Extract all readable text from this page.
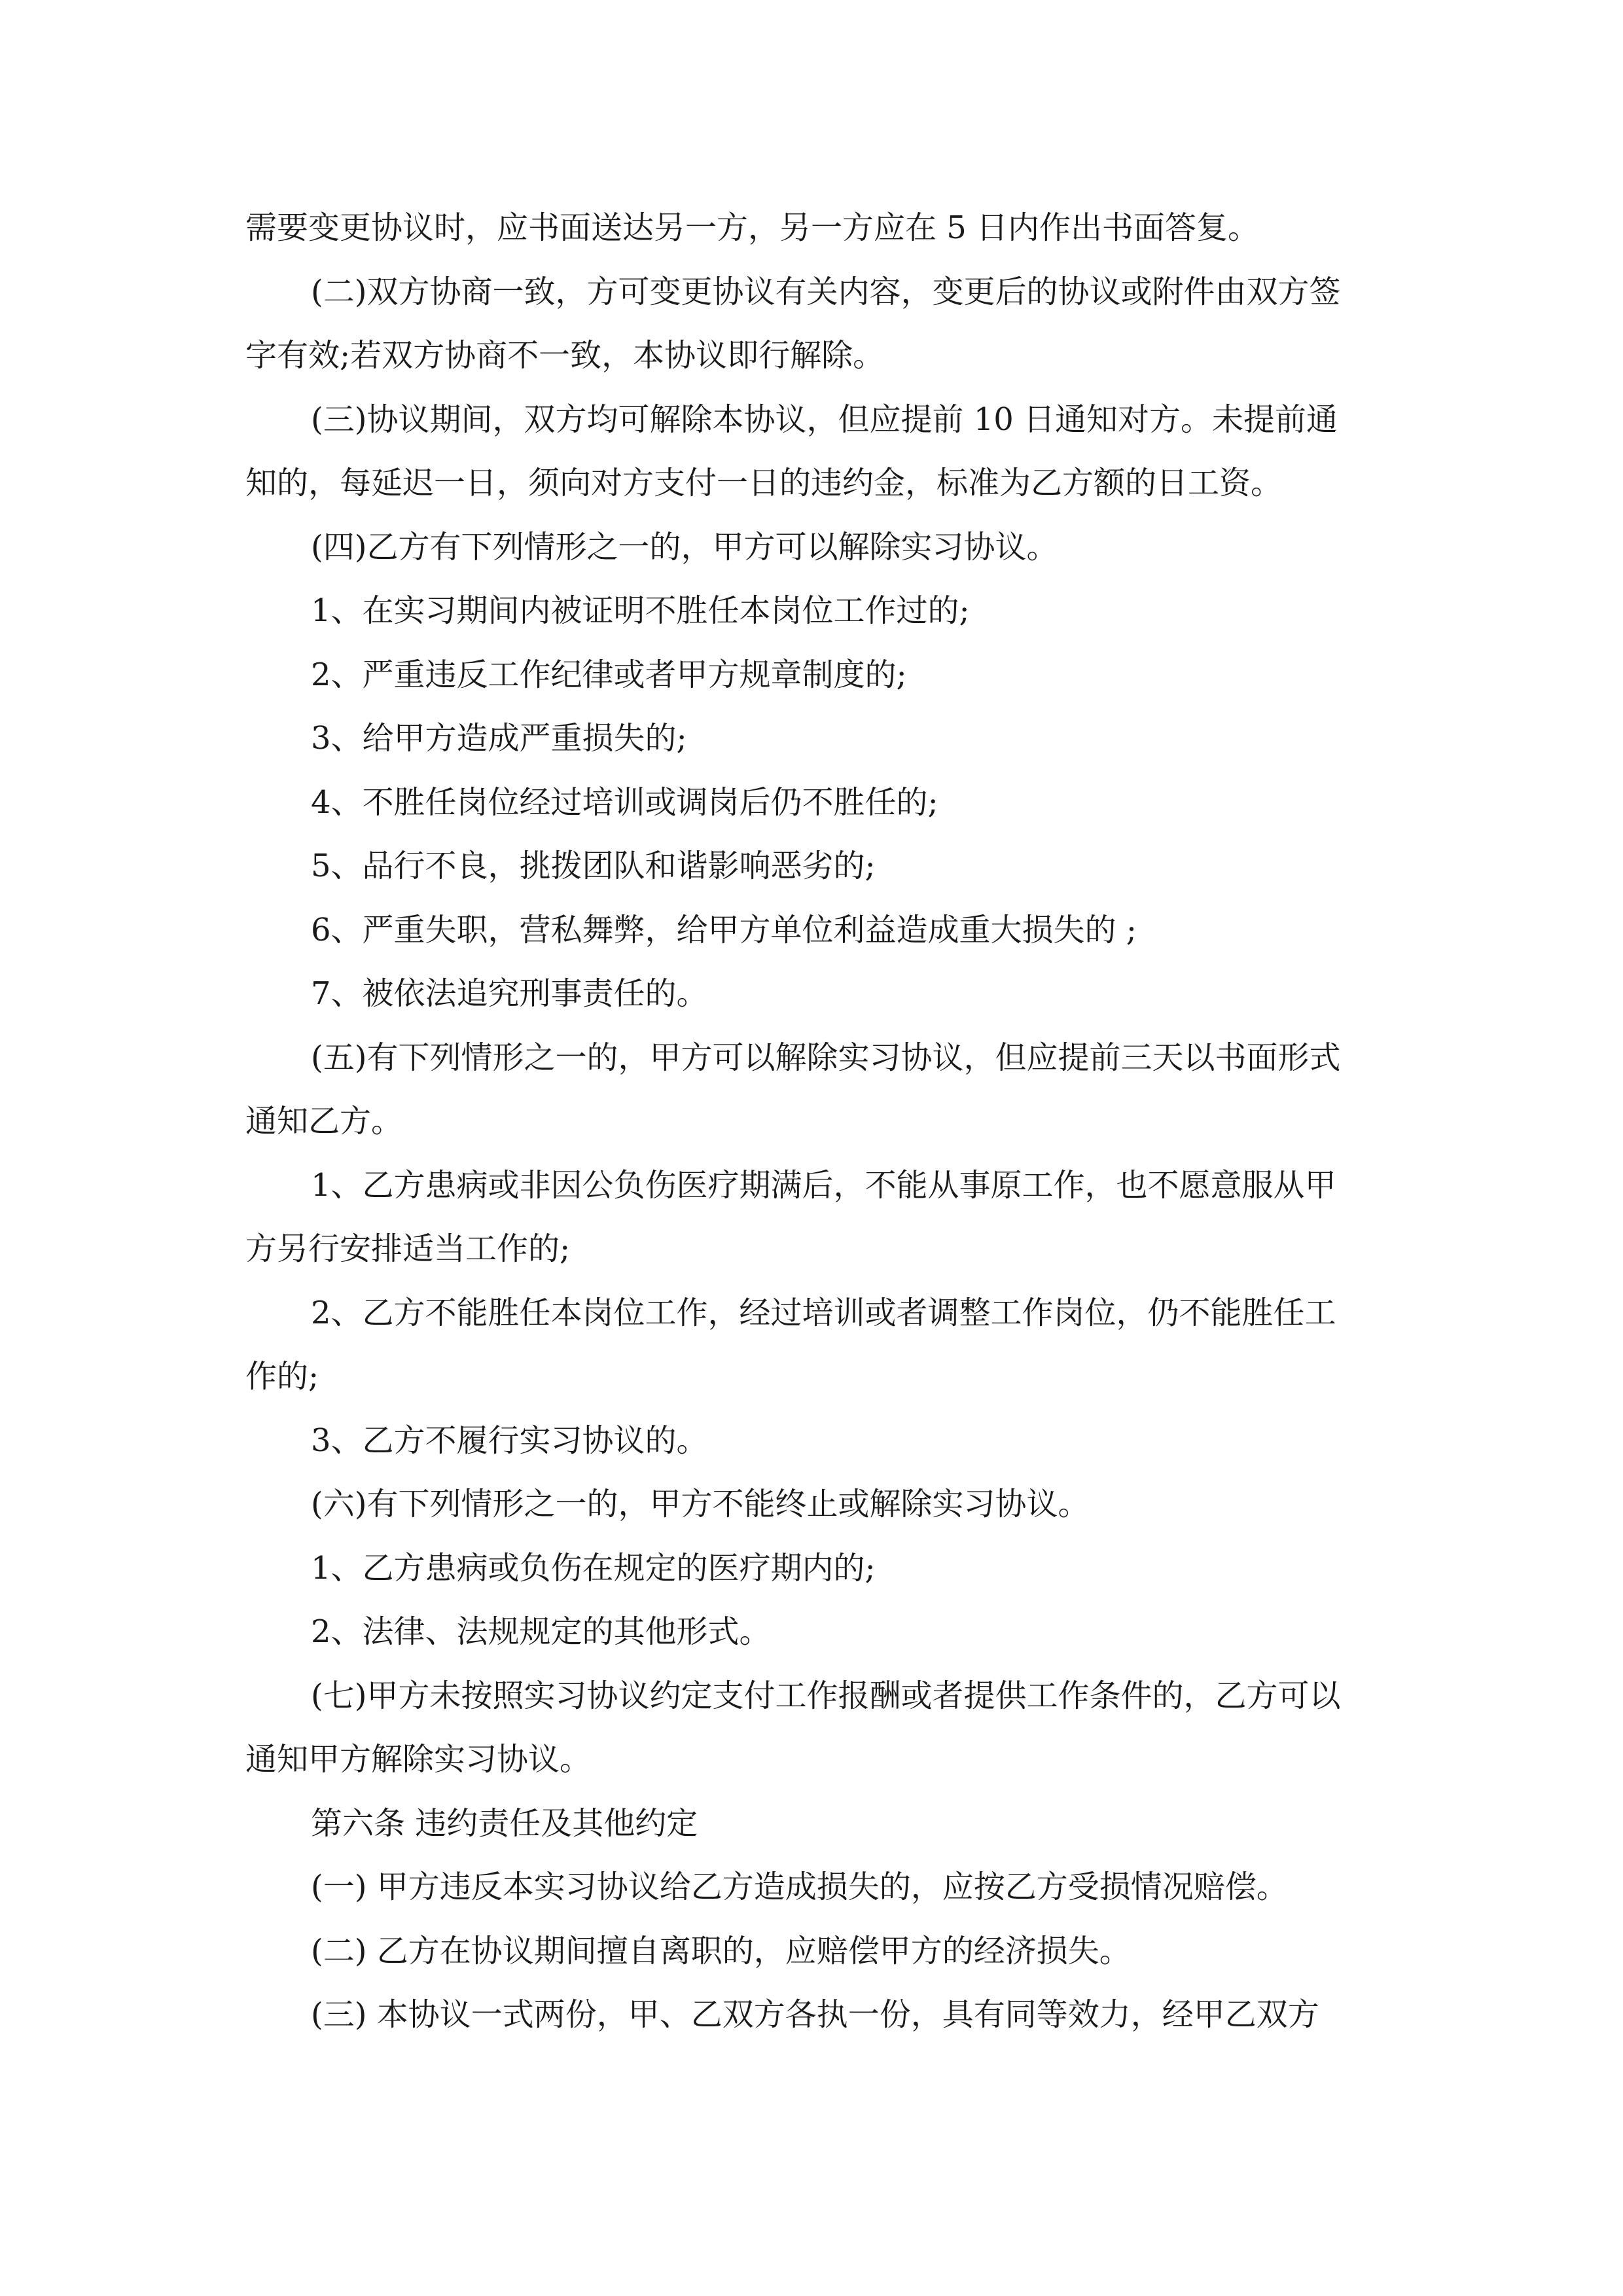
需要变更协议时，应书面送达另一方，另一方应在 5 日内作出书面答复。
(二)双方协商一致，方可变更协议有关内容，变更后的协议或附件由双方签
字有效;若双方协商不一致，本协议即行解除。
(三)协议期间，双方均可解除本协议，但应提前 10 日通知对方。未提前通
知的，每延迟一日，须向对方支付一日的违约金，标准为乙方额的日工资。
(四)乙方有下列情形之一的，甲方可以解除实习协议。
1、在实习期间内被证明不胜任本岗位工作过的;
2、严重违反工作纪律或者甲方规章制度的;
3、给甲方造成严重损失的;
4、不胜任岗位经过培训或调岗后仍不胜任的;
5、品行不良，挑拨团队和谐影响恶劣的;
6、严重失职，营私舞弊，给甲方单位利益造成重大损失的 ;
7、被依法追究刑事责任的。
(五)有下列情形之一的，甲方可以解除实习协议，但应提前三天以书面形式
通知乙方。
1、乙方患病或非因公负伤医疗期满后，不能从事原工作，也不愿意服从甲
方另行安排适当工作的;
2、乙方不能胜任本岗位工作，经过培训或者调整工作岗位，仍不能胜任工
作的;
3、乙方不履行实习协议的。
(六)有下列情形之一的，甲方不能终止或解除实习协议。
1、乙方患病或负伤在规定的医疗期内的;
2、法律、法规规定的其他形式。
(七)甲方未按照实习协议约定支付工作报酬或者提供工作条件的，乙方可以
通知甲方解除实习协议。
第六条 违约责任及其他约定
(一) 甲方违反本实习协议给乙方造成损失的，应按乙方受损情况赔偿。
(二) 乙方在协议期间擅自离职的，应赔偿甲方的经济损失。
(三) 本协议一式两份，甲、乙双方各执一份，具有同等效力，经甲乙双方
